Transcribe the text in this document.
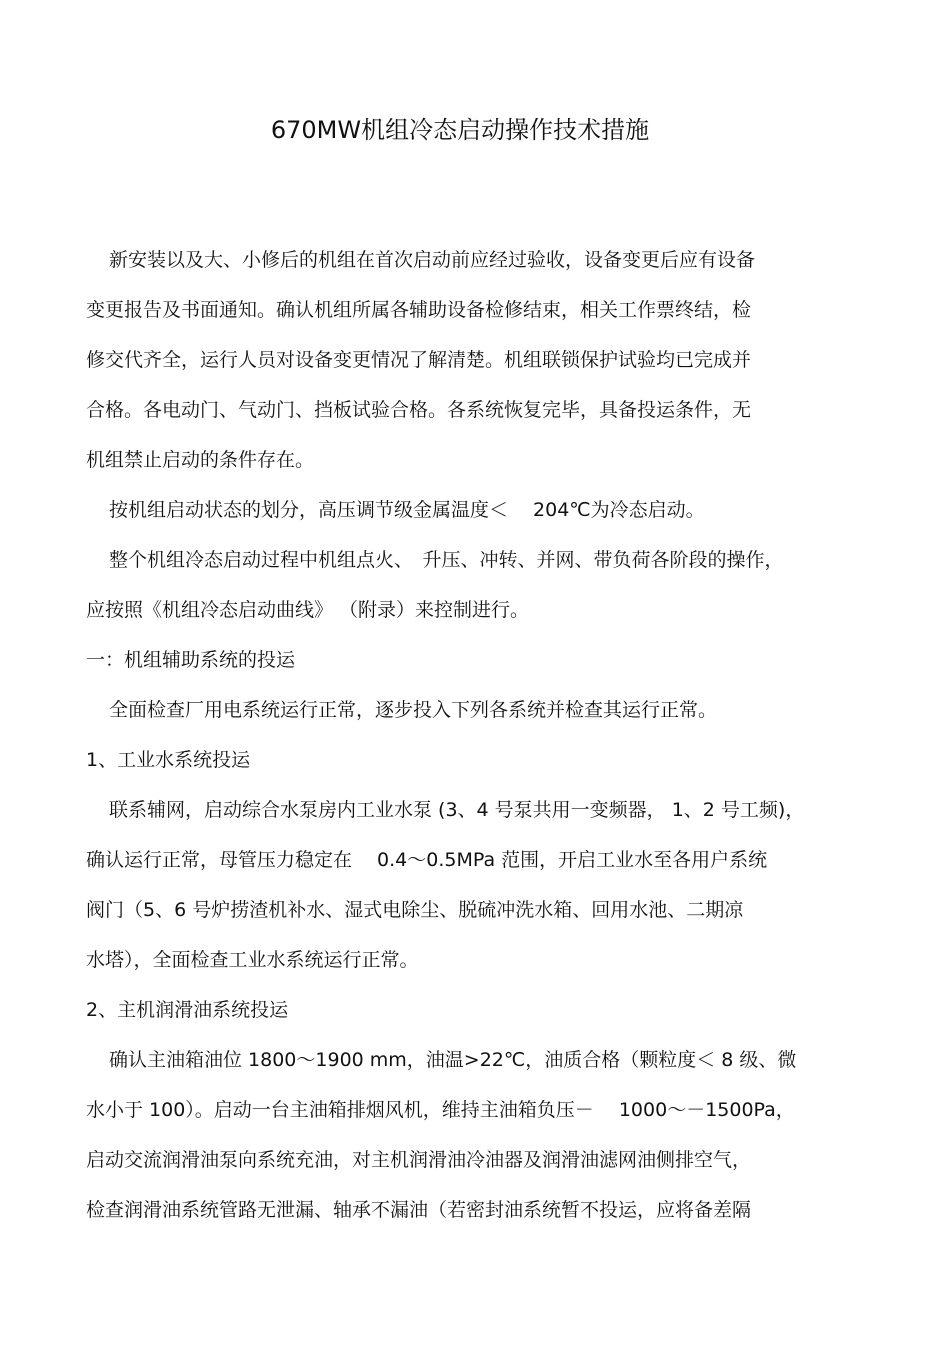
670MW机组冷态启动操作技术措施

新安装以及大、小修后的机组在首次启动前应经过验收，设备变更后应有设备

变更报告及书面通知。确认机组所属各辅助设备检修结束，相关工作票终结，检

修交代齐全，运行人员对设备变更情况了解清楚。机组联锁保护试验均已完成并

合格。各电动门、气动门、挡板试验合格。各系统恢复完毕，具备投运条件，无

机组禁止启动的条件存在。

按机组启动状态的划分，高压调节级金属温度＜　 204℃为冷态启动。

整个机组冷态启动过程中机组点火、　升压、冲转、并网、带负荷各阶段的操作，

应按照《机组冷态启动曲线》 （附录）来控制进行。

一：机组辅助系统的投运

全面检查厂用电系统运行正常，逐步投入下列各系统并检查其运行正常。

1、工业水系统投运

联系辅网，启动综合水泵房内工业水泵 (3、4 号泵共用一变频器， 1、2 号工频)，

确认运行正常，母管压力稳定在 　0.4～0.5MPa 范围，开启工业水至各用户系统

阀门（5、6 号炉捞渣机补水、湿式电除尘、脱硫冲洗水箱、回用水池、二期凉

水塔），全面检查工业水系统运行正常。

2、主机润滑油系统投运

确认主油箱油位 1800～1900 mm，油温>22℃，油质合格（颗粒度＜ 8 级、微

水小于 100）。启动一台主油箱排烟风机，维持主油箱负压－ 　1000～－1500Pa，

启动交流润滑油泵向系统充油，对主机润滑油冷油器及润滑油滤网油侧排空气，

检查润滑油系统管路无泄漏、轴承不漏油（若密封油系统暂不投运，应将备差隔
